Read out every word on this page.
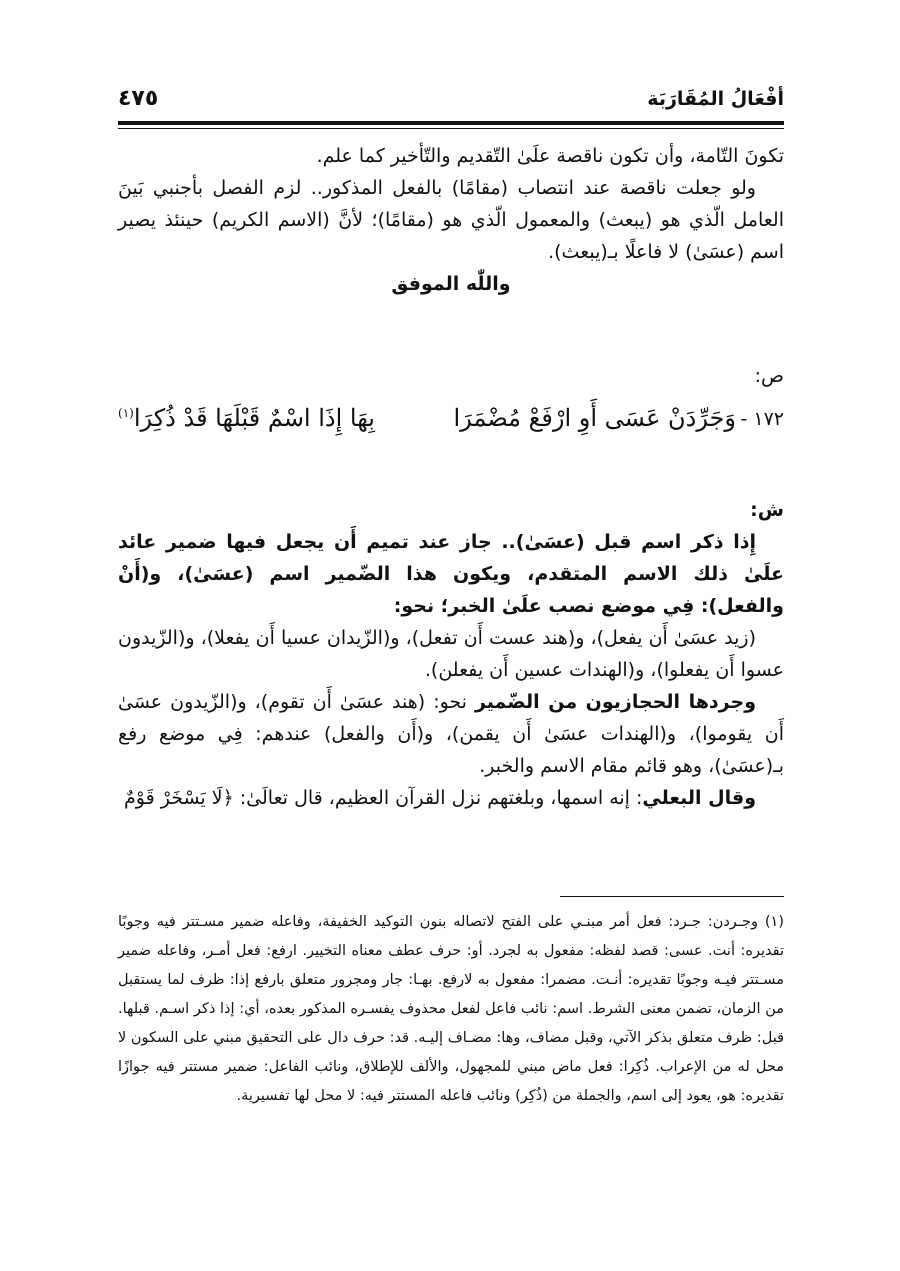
أفْعَالُ المُقَارَبَة
٤٧٥

تكونَ التّامة، وأن تكون ناقصة علَىٰ التّقديم والتّأخير كما علم.

ولو جعلت ناقصة عند انتصاب (مقامًا) بالفعل المذكور.. لزم الفصل بأجنبي بَينَ العامل الّذي هو (يبعث) والمعمول الّذي هو (مقامًا)؛ لأنَّ (الاسم الكريم) حينئذ يصير اسم (عسَىٰ) لا فاعلًا بـ(يبعث).

واللّٰه الموفق

ص:

١٧٢ -
وَجَرِّدَنْ عَسَى أَوِ ارْفَعْ مُضْمَرَا
بِهَا إِذَا اسْمٌ قَبْلَهَا قَدْ ذُكِرَا$^{(١)}$

ش:

إِذا ذكر اسم قبل (عسَىٰ).. جاز عند تميم أَن يجعل فيها ضمير عائد علَىٰ ذلك الاسم المتقدم، ويكون هذا الضّمير اسم (عسَىٰ)، و(أَنْ والفعل): فِي موضع نصب علَىٰ الخبر؛ نحو:

(زيد عسَىٰ أَن يفعل)، و(هند عست أَن تفعل)، و(الزّيدان عسيا أَن يفعلا)، و(الزّيدون عسوا أَن يفعلوا)، و(الهندات عسين أَن يفعلن).

وجردها الحجازيون من الضّمير نحو: (هند عسَىٰ أَن تقوم)، و(الزّيدون عسَىٰ أَن يقوموا)، و(الهندات عسَىٰ أَن يقمن)، و(أَن والفعل) عندهم: فِي موضع رفع بـ(عسَىٰ)، وهو قائم مقام الاسم والخبر.

وقال البعلي: إنه اسمها، وبلغتهم نزل القرآن العظيم، قال تعالَىٰ: ﴿لَا يَسْخَرْ قَوْمٌ

(١) وجـردن: جـرد: فعل أمر مبنـي على الفتح لاتصاله بنون التوكيد الخفيفة، وفاعله ضمير مسـتتر فيه وجوبًا تقديره: أنت. عسى: قصد لفظه: مفعول به لجرد. أو: حرف عطف معناه التخيير. ارفع: فعل أمـر، وفاعله ضمير مسـتتر فيـه وجوبًا تقديره: أنـت. مضمرا: مفعول به لارفع. بهـا: جار ومجرور متعلق بارفع إذا: ظرف لما يستقبل من الزمان، تضمن معنى الشرط. اسم: نائب فاعل لفعل محذوف يفسـره المذكور بعده، أي: إذا ذكر اسـم. قبلها. قبل: ظرف متعلق بذكر الآتي، وقبل مضاف، وها: مضـاف إليـه. قد: حرف دال على التحقيق مبني على السكون لا محل له من الإعراب. ذُكِرا: فعل ماض مبني للمجهول، والألف للإطلاق، ونائب الفاعل: ضمير مستتر فيه جوازًا تقديره: هو، يعود إلى اسم، والجملة من (ذُكِر) ونائب فاعله المستتر فيه: لا محل لها تفسيرية.
